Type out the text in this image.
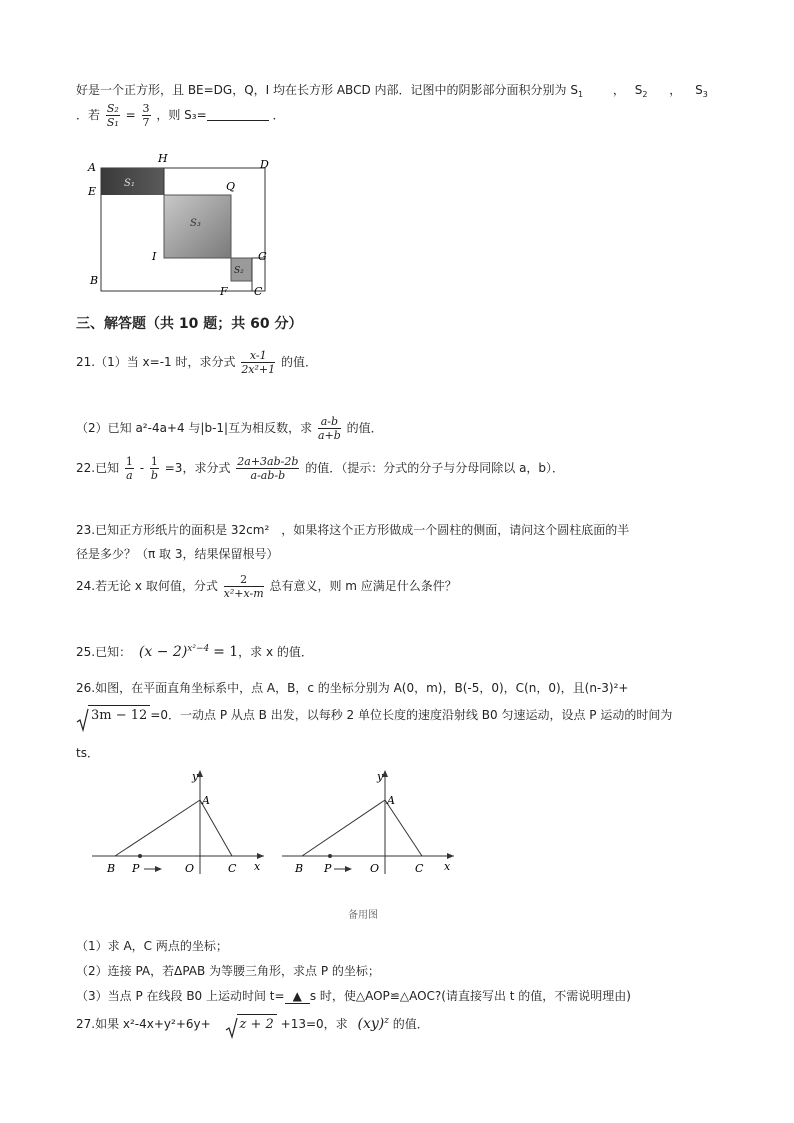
好是一个正方形，且 BE=DG，Q，I 均在长方形 ABCD 内部．记图中的阴影部分面积分别为 $S_1$ ， $S_2$ ， $S_3$
．若 $\frac{\text{S₂}}{\text{S₁}} = \frac{3}{7}$ ，则 S₃=	．
A
H	D
E	Q
I	G
B
F C
S₁
S₃
S₂
三、解答题（共 10 题；共 60 分）
21.（1）当 x=-1 时，求分式 $\frac{x-1}{\text{2x²+1}}$ 的值．
（2）已知 a²-4a+4 与|b-1|互为相反数，求 $\frac{a-b}{a+b}$ 的值．
22.已知 $\frac{1}{a} - \frac{1}{b} =3$，求分式 $\frac{2a+3ab-2b}{a-ab-b}$ 的值．（提示：分式的分子与分母同除以 a，b）．
23.已知正方形纸片的面积是 32cm²　，如果将这个正方形做成一个圆柱的侧面，请问这个圆柱底面的半
径是多少？（π 取 3，结果保留根号）
24.若无论 x 取何值，分式 $\frac{2}{\text{x²+x-m}}$ 总有意义，则 m 应满足什么条件？
25.已知： $(x - 2)^{x^2-4} = 1$，求 x 的值．
26.如图，在平面直角坐标系中，点 A，B，c 的坐标分别为 A(0，m)，B(-5，0)，C(n，0)，且(n-3)²+
3m − 12 =0．一动点 P 从点 B 出发，以每秒 2 单位长度的速度沿射线 B0 匀速运动，设点 P 运动的时间为
ts．
y
A
B P	O	C x
y
A
B P	O	C x
备用图
（1）求 A，C 两点的坐标；
（2）连接 PA，若ΔPAB 为等腰三角形，求点 P 的坐标；
（3）当点 P 在线段 B0 上运动时间 t= ▲ s 时，使△AOP≌△AOC?(请直接写出 t 的值，不需说明理由)
27.如果 x²-4x+y²+6y+ z + 2 +13=0，求 (xy)$^z$ 的值．
